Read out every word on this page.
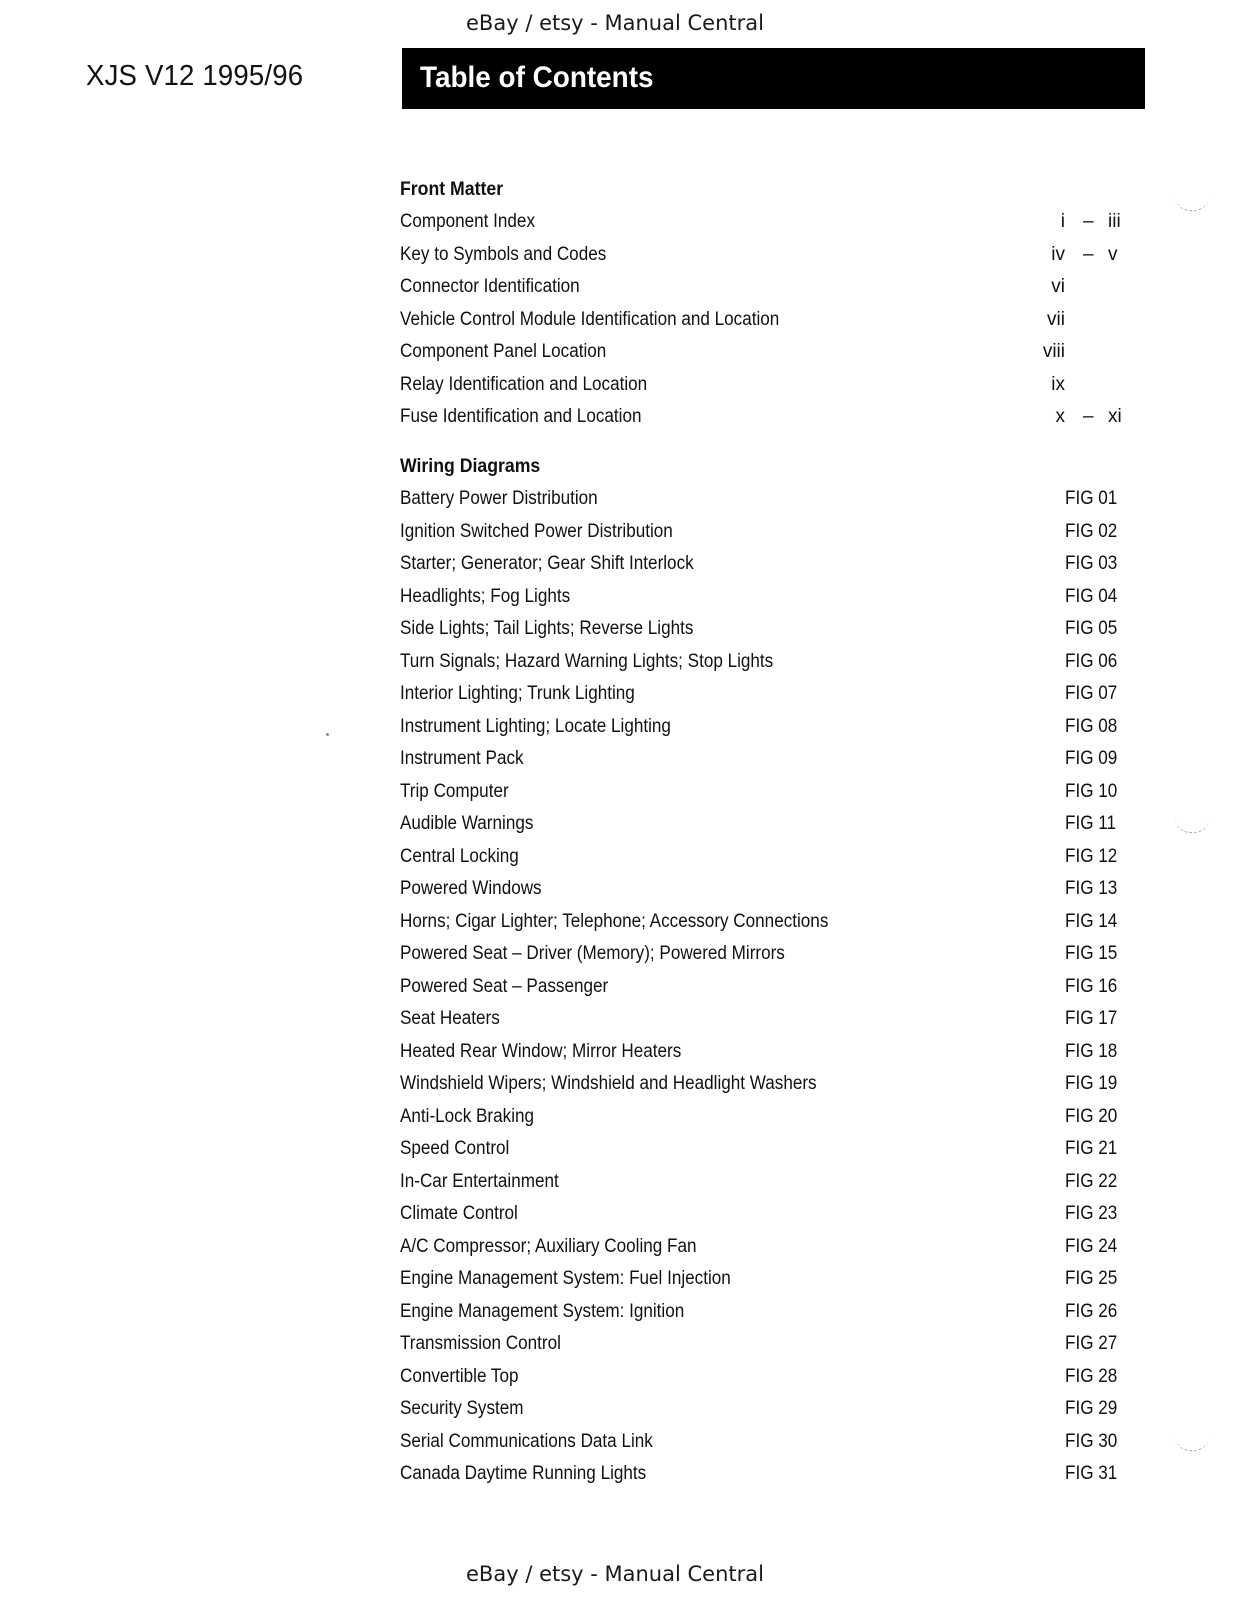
eBay / etsy - Manual Central
XJS V12 1995/96	Table of Contents
Front Matter
Component Index	i – iii
Key to Symbols and Codes	iv – v
Connector Identification	vi
Vehicle Control Module Identification and Location	vii
Component Panel Location	viii
Relay Identification and Location	ix
Fuse Identification and Location	x – xi
Wiring Diagrams
Battery Power Distribution	FIG 01
Ignition Switched Power Distribution	FIG 02
Starter; Generator; Gear Shift Interlock	FIG 03
Headlights; Fog Lights	FIG 04
Side Lights; Tail Lights; Reverse Lights	FIG 05
Turn Signals; Hazard Warning Lights; Stop Lights	FIG 06
Interior Lighting; Trunk Lighting	FIG 07
Instrument Lighting; Locate Lighting	FIG 08
Instrument Pack	FIG 09
Trip Computer	FIG 10
Audible Warnings	FIG 11
Central Locking	FIG 12
Powered Windows	FIG 13
Horns; Cigar Lighter; Telephone; Accessory Connections	FIG 14
Powered Seat – Driver (Memory); Powered Mirrors	FIG 15
Powered Seat – Passenger	FIG 16
Seat Heaters	FIG 17
Heated Rear Window; Mirror Heaters	FIG 18
Windshield Wipers; Windshield and Headlight Washers	FIG 19
Anti-Lock Braking	FIG 20
Speed Control	FIG 21
In-Car Entertainment	FIG 22
Climate Control	FIG 23
A/C Compressor; Auxiliary Cooling Fan	FIG 24
Engine Management System: Fuel Injection	FIG 25
Engine Management System: Ignition	FIG 26
Transmission Control	FIG 27
Convertible Top	FIG 28
Security System	FIG 29
Serial Communications Data Link	FIG 30
Canada Daytime Running Lights	FIG 31
eBay / etsy - Manual Central
